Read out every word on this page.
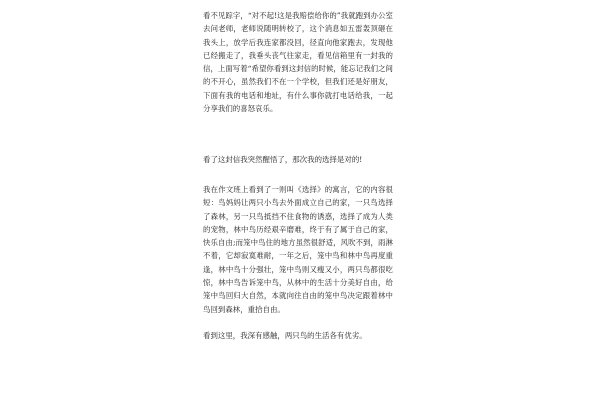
看不见踪字，“对不起!这是我赔偿给你的”我就跑到办公室去问老师，老师说随明转校了，这个消息如五雷轰顶砸在我头上，放学后我连家都没回，径直向他家跑去，发现他已经搬走了，我垂头丧气往家走，看见信箱里有一封我的信，上面写着“希望你看到这封信的时候，能忘记我们之间的不开心，虽然我们不在一个学校，但我们还是好朋友，下面有我的电话和地址，有什么事你就打电话给我，一起分享我们的喜怒哀乐。

看了这封信我突然醒悟了，那次我的选择是对的!

我在作文班上看到了一则叫《选择》的寓言，它的内容很短：鸟妈妈让两只小鸟去外面成立自己的家，一只鸟选择了森林，另一只鸟抵挡不住食物的诱惑，选择了成为人类的宠物，林中鸟历经艰辛磨难，终于有了属于自己的家，快乐自由;而笼中鸟住的地方虽然很舒适，风吹不到，雨淋不着，它却寂寞难耐，一年之后，笼中鸟和林中鸟再度重逢，林中鸟十分强壮，笼中鸟则又瘦又小，两只鸟都很吃惊，林中鸟告诉笼中鸟，从林中的生活十分美好自由，给笼中鸟回归大自然，本就向往自由的笼中鸟决定跟着林中鸟回到森林，重拾自由。

看到这里，我深有感触，两只鸟的生活各有优劣。
